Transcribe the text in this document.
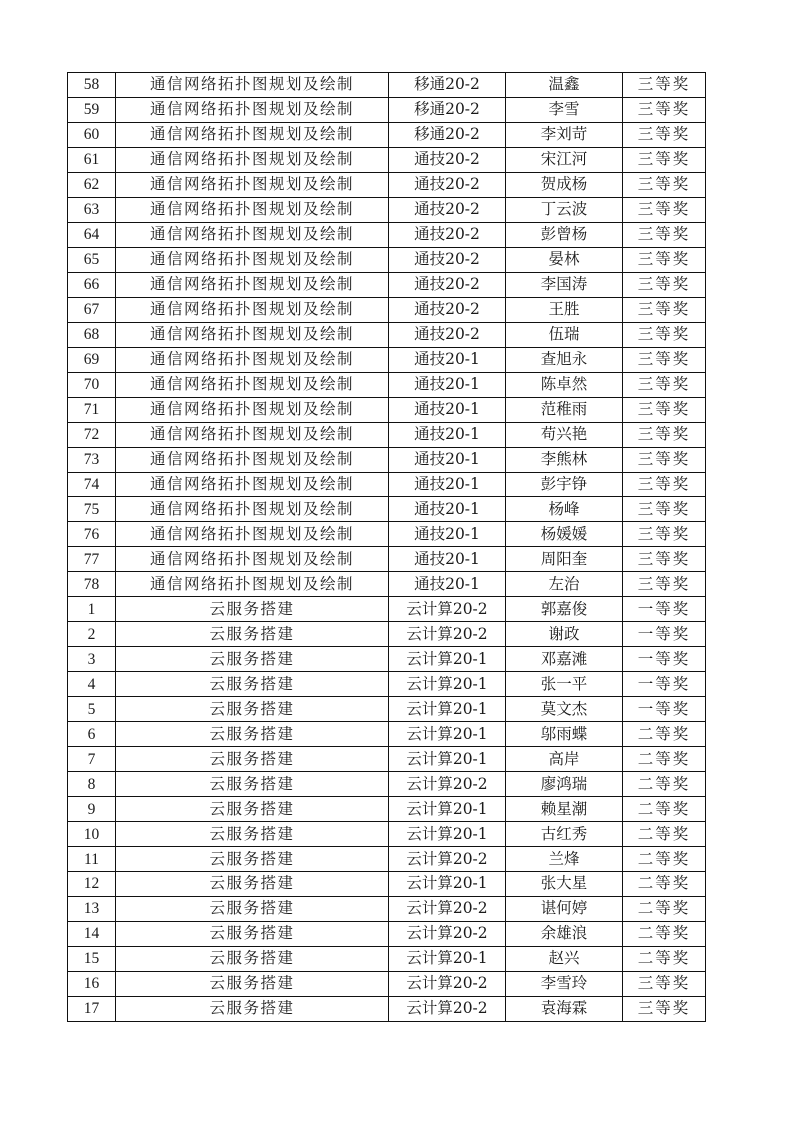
58	通信网络拓扑图规划及绘制	移通20-2	温鑫	三等奖
59	通信网络拓扑图规划及绘制	移通20-2	李雪	三等奖
60	通信网络拓扑图规划及绘制	移通20-2	李刘苛	三等奖
61	通信网络拓扑图规划及绘制	通技20-2	宋江河	三等奖
62	通信网络拓扑图规划及绘制	通技20-2	贺成杨	三等奖
63	通信网络拓扑图规划及绘制	通技20-2	丁云波	三等奖
64	通信网络拓扑图规划及绘制	通技20-2	彭曾杨	三等奖
65	通信网络拓扑图规划及绘制	通技20-2	晏林	三等奖
66	通信网络拓扑图规划及绘制	通技20-2	李国涛	三等奖
67	通信网络拓扑图规划及绘制	通技20-2	王胜	三等奖
68	通信网络拓扑图规划及绘制	通技20-2	伍瑞	三等奖
69	通信网络拓扑图规划及绘制	通技20-1	查旭永	三等奖
70	通信网络拓扑图规划及绘制	通技20-1	陈卓然	三等奖
71	通信网络拓扑图规划及绘制	通技20-1	范稚雨	三等奖
72	通信网络拓扑图规划及绘制	通技20-1	苟兴艳	三等奖
73	通信网络拓扑图规划及绘制	通技20-1	李熊林	三等奖
74	通信网络拓扑图规划及绘制	通技20-1	彭宇铮	三等奖
75	通信网络拓扑图规划及绘制	通技20-1	杨峰	三等奖
76	通信网络拓扑图规划及绘制	通技20-1	杨媛媛	三等奖
77	通信网络拓扑图规划及绘制	通技20-1	周阳奎	三等奖
78	通信网络拓扑图规划及绘制	通技20-1	左治	三等奖
1	云服务搭建	云计算20-2	郭嘉俊	一等奖
2	云服务搭建	云计算20-2	谢政	一等奖
3	云服务搭建	云计算20-1	邓嘉滩	一等奖
4	云服务搭建	云计算20-1	张一平	一等奖
5	云服务搭建	云计算20-1	莫文杰	一等奖
6	云服务搭建	云计算20-1	邬雨蝶	二等奖
7	云服务搭建	云计算20-1	高岸	二等奖
8	云服务搭建	云计算20-2	廖鸿瑞	二等奖
9	云服务搭建	云计算20-1	赖星潮	二等奖
10	云服务搭建	云计算20-1	古红秀	二等奖
11	云服务搭建	云计算20-2	兰烽	二等奖
12	云服务搭建	云计算20-1	张大星	二等奖
13	云服务搭建	云计算20-2	谌何婷	二等奖
14	云服务搭建	云计算20-2	余雄浪	二等奖
15	云服务搭建	云计算20-1	赵兴	二等奖
16	云服务搭建	云计算20-2	李雪玲	三等奖
17	云服务搭建	云计算20-2	袁海霖	三等奖
